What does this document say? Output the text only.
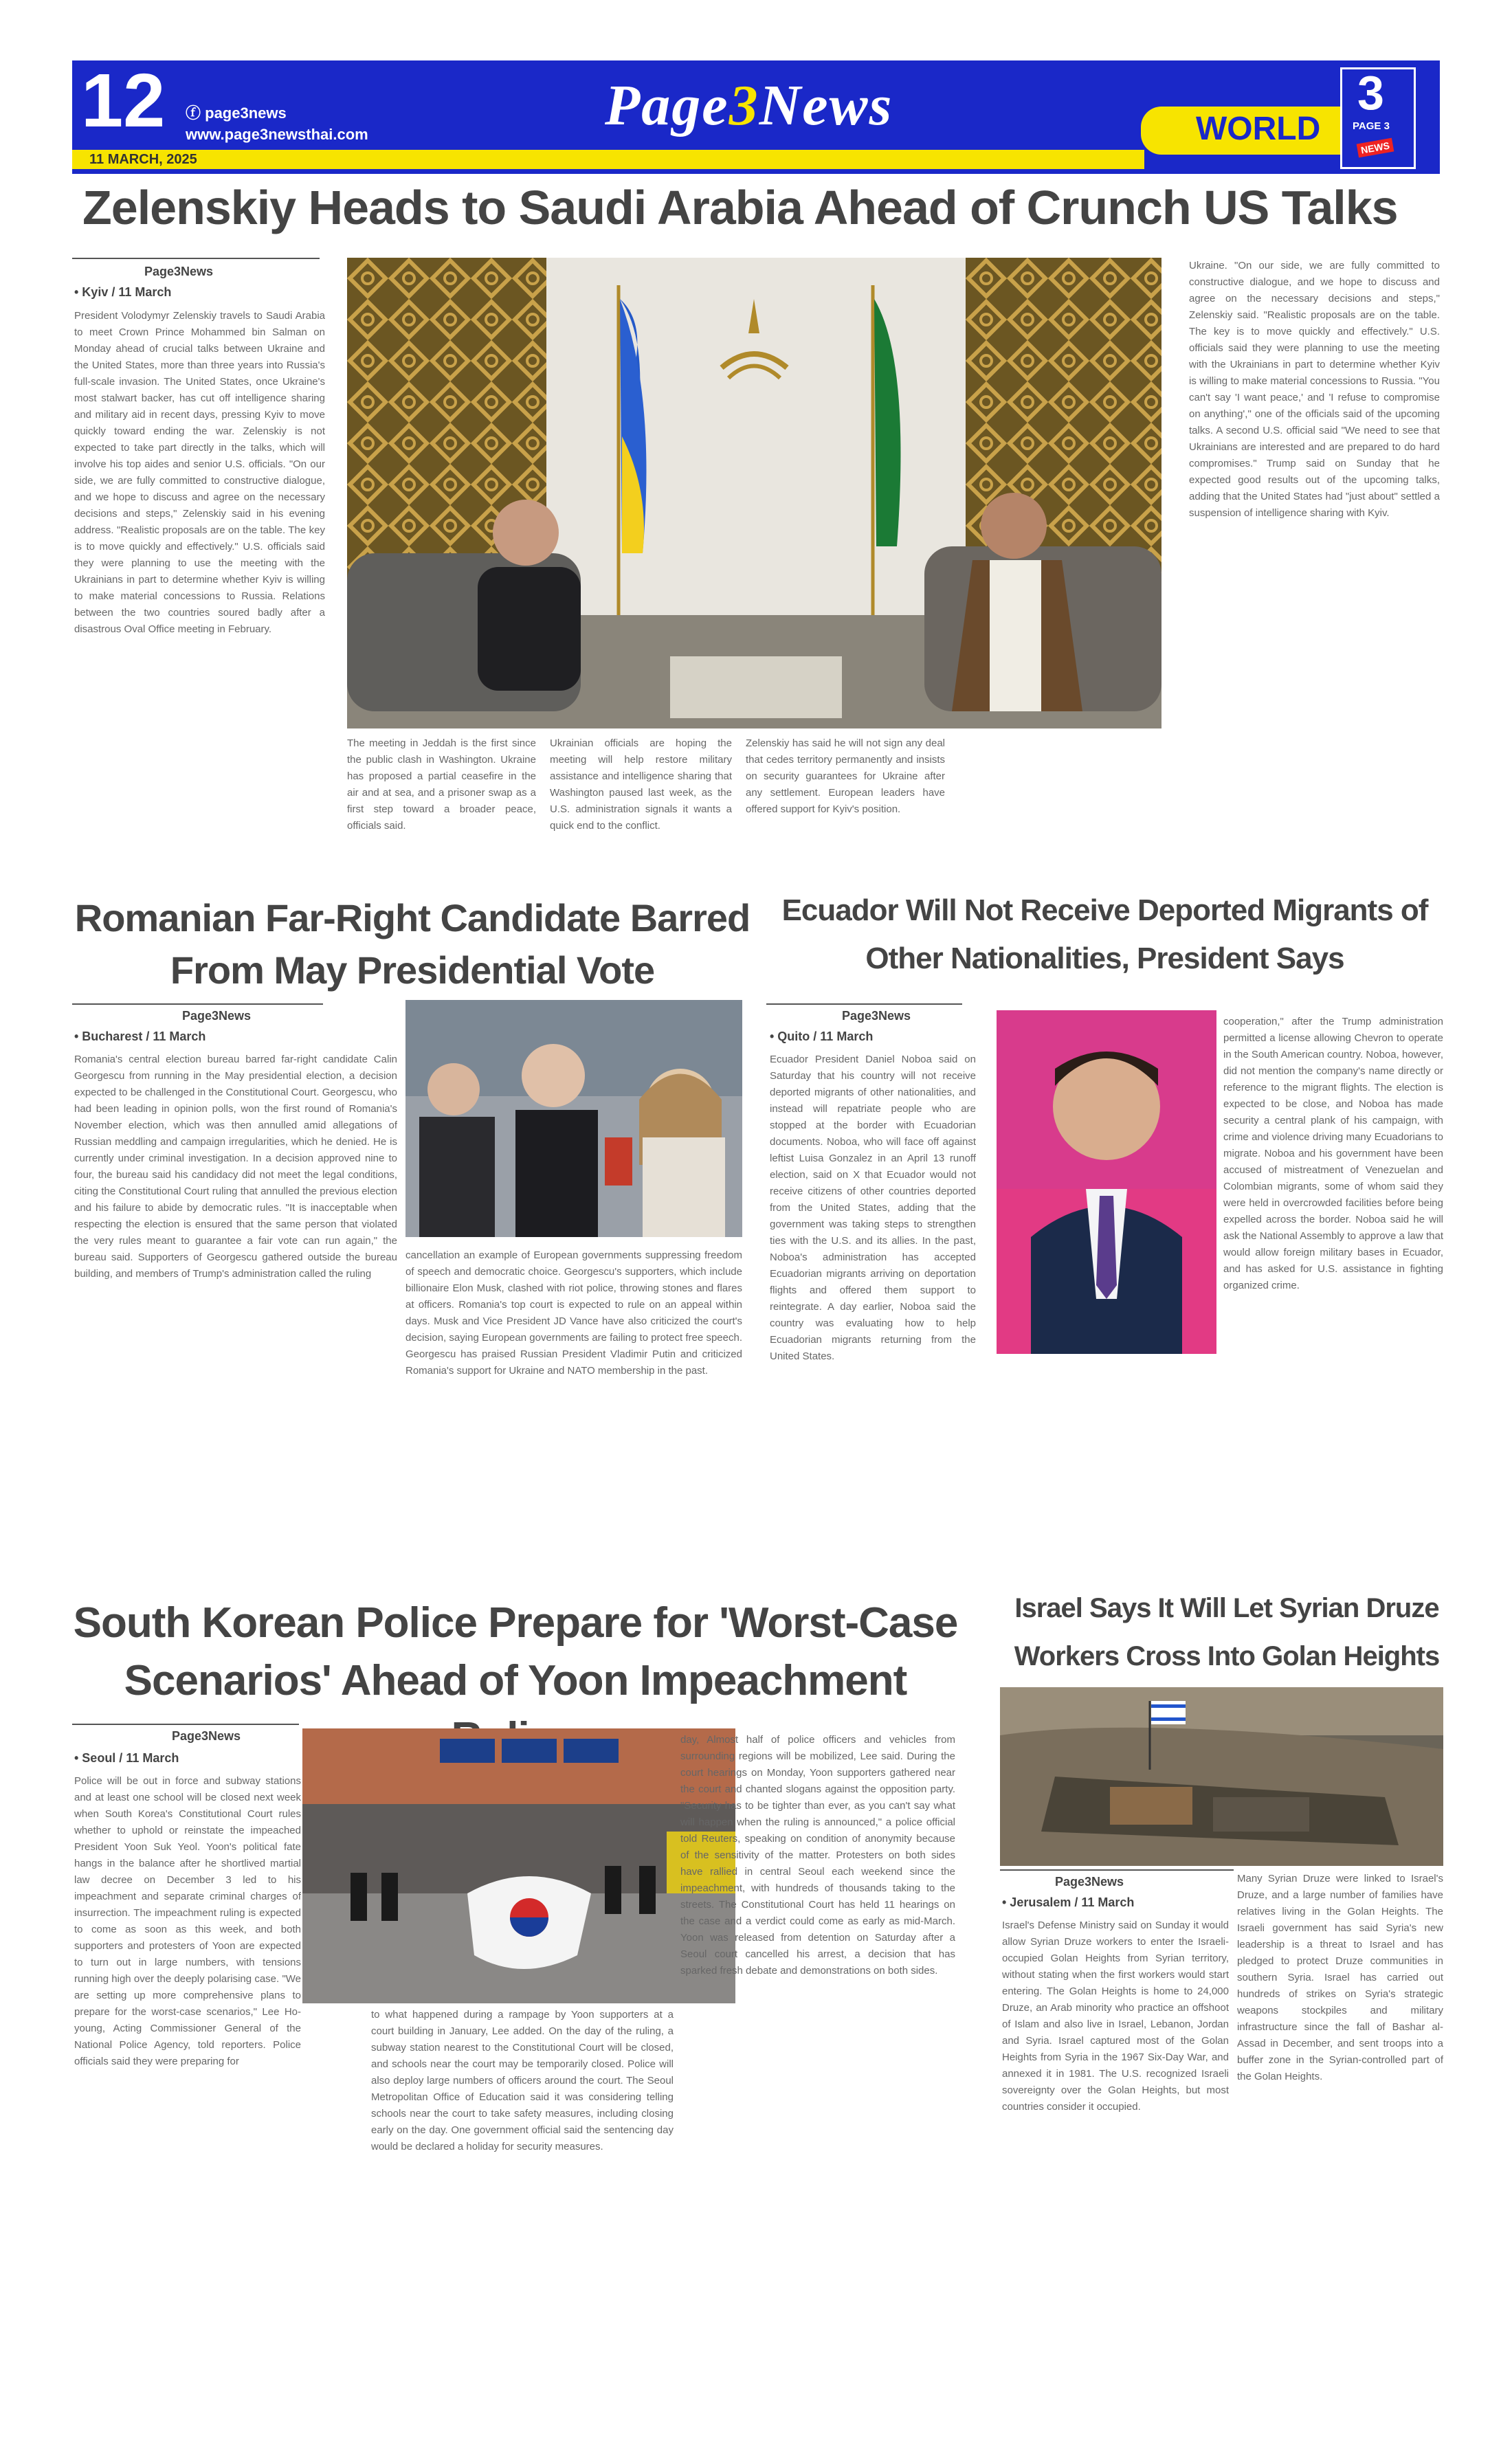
12 ⓕ page3news
www.page3newsthai.com
11 MARCH, 2025
Page3News	WORLD
3
PAGE 3
NEWS
Zelenskiy Heads to Saudi Arabia Ahead of Crunch US Talks
Page3News
• Kyiv / 11 March
President Volodymyr Zelenskiy travels to Saudi Arabia to meet Crown Prince Mohammed bin Salman on Monday ahead of crucial talks between Ukraine and the United States, more than three years into Russia's full-scale invasion. The United States, once Ukraine's most stalwart backer, has cut off intelligence sharing and military aid in recent days, pressing Kyiv to move quickly toward ending the war. Zelenskiy is not expected to take part directly in the talks, which will involve his top aides and senior U.S. officials. "On our side, we are fully committed to constructive dialogue, and we hope to discuss and agree on the necessary decisions and steps," Zelenskiy said in his evening address. "Realistic proposals are on the table. The key is to move quickly and effectively." U.S. officials said they were planning to use the meeting with the Ukrainians in part to determine whether Kyiv is willing to make material concessions to Russia. Relations between the two countries soured badly after a disastrous Oval Office meeting in February.
The meeting in Jeddah is the first since the public clash in Washington. Ukraine has proposed a partial ceasefire in the air and at sea, and a prisoner swap as a first step toward a broader peace, officials said.
Ukrainian officials are hoping the meeting will help restore military assistance and intelligence sharing that Washington paused last week, as the U.S. administration signals it wants a quick end to the conflict.
Zelenskiy has said he will not sign any deal that cedes territory permanently and insists on security guarantees for Ukraine after any settlement. European leaders have offered support for Kyiv's position.
Ukraine. "On our side, we are fully committed to constructive dialogue, and we hope to discuss and agree on the necessary decisions and steps," Zelenskiy said. "Realistic proposals are on the table. The key is to move quickly and effectively." U.S. officials said they were planning to use the meeting with the Ukrainians in part to determine whether Kyiv is willing to make material concessions to Russia. "You can't say 'I want peace,' and 'I refuse to compromise on anything'," one of the officials said of the upcoming talks. A second U.S. official said "We need to see that Ukrainians are interested and are prepared to do hard compromises." Trump said on Sunday that he expected good results out of the upcoming talks, adding that the United States had "just about" settled a suspension of intelligence sharing with Kyiv.
Romanian Far-Right Candidate Barred From May Presidential Vote
Page3News
• Bucharest / 11 March
Romania's central election bureau barred far-right candidate Calin Georgescu from running in the May presidential election, a decision expected to be challenged in the Constitutional Court. Georgescu, who had been leading in opinion polls, won the first round of Romania's November election, which was then annulled amid allegations of Russian meddling and campaign irregularities, which he denied. He is currently under criminal investigation. In a decision approved nine to four, the bureau said his candidacy did not meet the legal conditions, citing the Constitutional Court ruling that annulled the previous election and his failure to abide by democratic rules. "It is inacceptable when respecting the election is ensured that the same person that violated the very rules meant to guarantee a fair vote can run again," the bureau said. Supporters of Georgescu gathered outside the bureau building, and members of Trump's administration called the ruling
cancellation an example of European governments suppressing freedom of speech and democratic choice. Georgescu's supporters, which include billionaire Elon Musk, clashed with riot police, throwing stones and flares at officers. Romania's top court is expected to rule on an appeal within days. Musk and Vice President JD Vance have also criticized the court's decision, saying European governments are failing to protect free speech. Georgescu has praised Russian President Vladimir Putin and criticized Romania's support for Ukraine and NATO membership in the past.
Ecuador Will Not Receive Deported Migrants of Other Nationalities, President Says
Page3News
• Quito / 11 March
Ecuador President Daniel Noboa said on Saturday that his country will not receive deported migrants of other nationalities, and instead will repatriate people who are stopped at the border with Ecuadorian documents. Noboa, who will face off against leftist Luisa Gonzalez in an April 13 runoff election, said on X that Ecuador would not receive citizens of other countries deported from the United States, adding that the government was taking steps to strengthen ties with the U.S. and its allies. In the past, Noboa's administration has accepted Ecuadorian migrants arriving on deportation flights and offered them support to reintegrate. A day earlier, Noboa said the country was evaluating how to help Ecuadorian migrants returning from the United States.
cooperation," after the Trump administration permitted a license allowing Chevron to operate in the South American country. Noboa, however, did not mention the company's name directly or reference to the migrant flights. The election is expected to be close, and Noboa has made security a central plank of his campaign, with crime and violence driving many Ecuadorians to migrate. Noboa and his government have been accused of mistreatment of Venezuelan and Colombian migrants, some of whom said they were held in overcrowded facilities before being expelled across the border. Noboa said he will ask the National Assembly to approve a law that would allow foreign military bases in Ecuador, and has asked for U.S. assistance in fighting organized crime.
South Korean Police Prepare for 'Worst-Case Scenarios' Ahead of Yoon Impeachment
Page3News
• Seoul / 11 March
Police will be out in force and subway stations and at least one school will be closed next week when South Korea's Constitutional Court rules whether to uphold or reinstate the impeached President Yoon Suk Yeol. Yoon's political fate hangs in the balance after he shortlived martial law decree on December 3 led to his impeachment and separate criminal charges of insurrection. The impeachment ruling is expected to come as soon as this week, and both supporters and protesters of Yoon are expected to turn out in large numbers, with tensions running high over the deeply polarising case. "We are setting up more comprehensive plans to prepare for the worst-case scenarios," Lee Ho-young, Acting Commissioner General of the National Police Agency, told reporters. Police officials said they were preparing for
to what happened during a rampage by Yoon supporters at a court building in January, Lee added. On the day of the ruling, a subway station nearest to the Constitutional Court will be closed, and schools near the court may be temporarily closed. Police will also deploy large numbers of officers around the court. The Seoul Metropolitan Office of Education said it was considering telling schools near the court to take safety measures, including closing early on the day. One government official said the sentencing day would be declared a holiday for security measures.
day, Almost half of police officers and vehicles from surrounding regions will be mobilized, Lee said. During the court hearings on Monday, Yoon supporters gathered near the court and chanted slogans against the opposition party. "Security has to be tighter than ever, as you can't say what will happen when the ruling is announced," a police official told Reuters, speaking on condition of anonymity because of the sensitivity of the matter. Protesters on both sides have rallied in central Seoul each weekend since the impeachment, with hundreds of thousands taking to the streets. The Constitutional Court has held 11 hearings on the case and a verdict could come as early as mid-March. Yoon was released from detention on Saturday after a Seoul court cancelled his arrest, a decision that has sparked fresh debate and demonstrations on both sides.
Israel Says It Will Let Syrian Druze Workers Cross Into Golan Heights
Page3News
• Jerusalem / 11 March
Israel's Defense Ministry said on Sunday it would allow Syrian Druze workers to enter the Israeli-occupied Golan Heights from Syrian territory, without stating when the first workers would start entering. The Golan Heights is home to 24,000 Druze, an Arab minority who practice an offshoot of Islam and also live in Israel, Lebanon, Jordan and Syria. Israel captured most of the Golan Heights from Syria in the 1967 Six-Day War, and annexed it in 1981. The U.S. recognized Israeli sovereignty over the Golan Heights, but most countries consider it occupied.
Many Syrian Druze were linked to Israel's Druze, and a large number of families have relatives living in the Golan Heights. The Israeli government has said Syria's new leadership is a threat to Israel and has pledged to protect Druze communities in southern Syria. Israel has carried out hundreds of strikes on Syria's strategic weapons stockpiles and military infrastructure since the fall of Bashar al-Assad in December, and sent troops into a buffer zone in the Syrian-controlled part of the Golan Heights.
